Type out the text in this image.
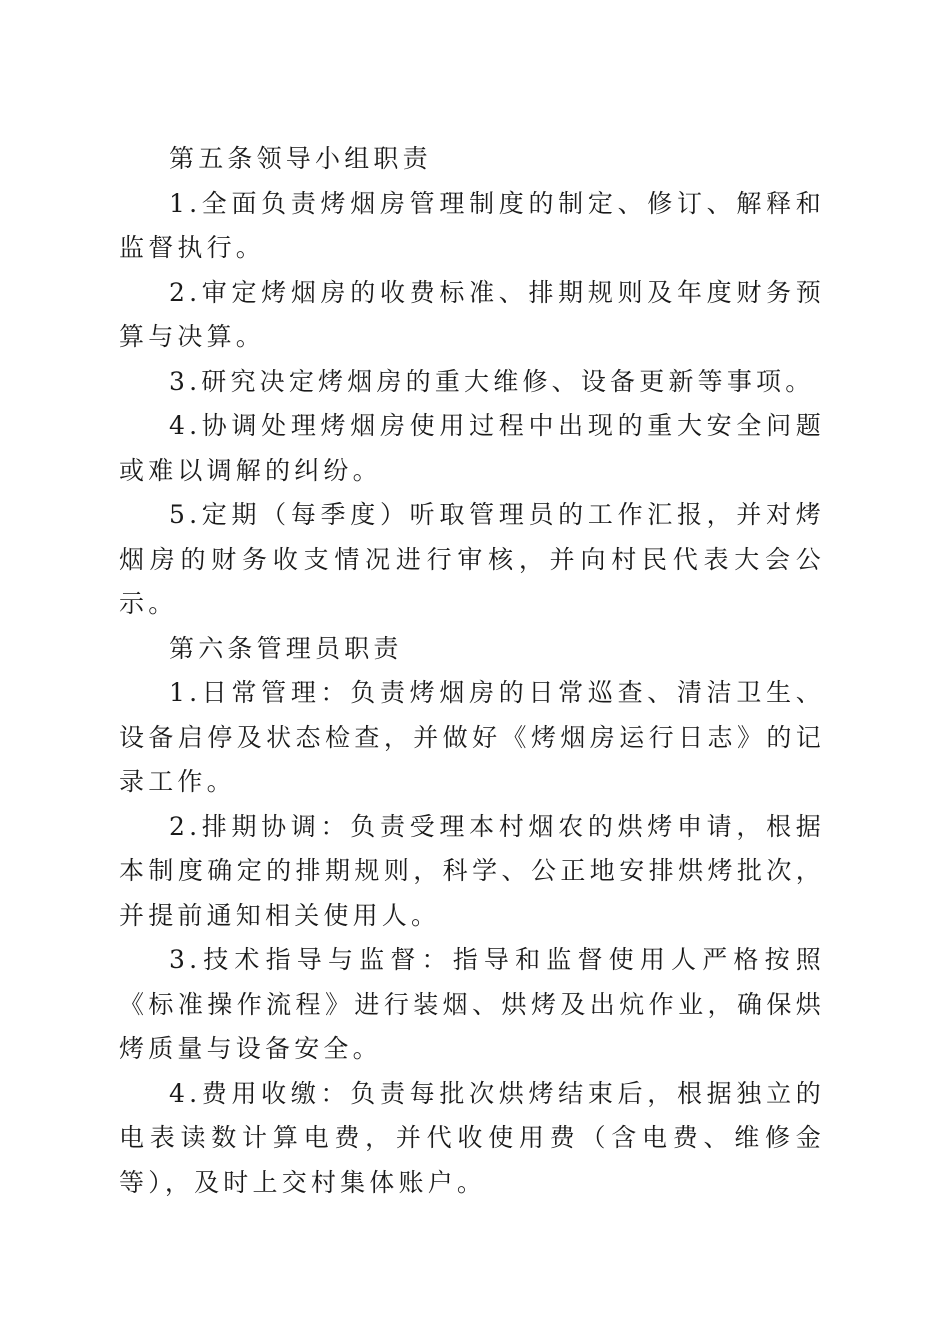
第五条领导小组职责

1.全面负责烤烟房管理制度的制定、修订、解释和监督执行。

2.审定烤烟房的收费标准、排期规则及年度财务预算与决算。

3.研究决定烤烟房的重大维修、设备更新等事项。

4.协调处理烤烟房使用过程中出现的重大安全问题或难以调解的纠纷。

5.定期（每季度）听取管理员的工作汇报，并对烤烟房的财务收支情况进行审核，并向村民代表大会公示。

第六条管理员职责

1.日常管理：负责烤烟房的日常巡查、清洁卫生、设备启停及状态检查，并做好《烤烟房运行日志》的记录工作。

2.排期协调：负责受理本村烟农的烘烤申请，根据本制度确定的排期规则，科学、公正地安排烘烤批次，并提前通知相关使用人。

3.技术指导与监督：指导和监督使用人严格按照《标准操作流程》进行装烟、烘烤及出炕作业，确保烘烤质量与设备安全。

4.费用收缴：负责每批次烘烤结束后，根据独立的电表读数计算电费，并代收使用费（含电费、维修金等），及时上交村集体账户。
